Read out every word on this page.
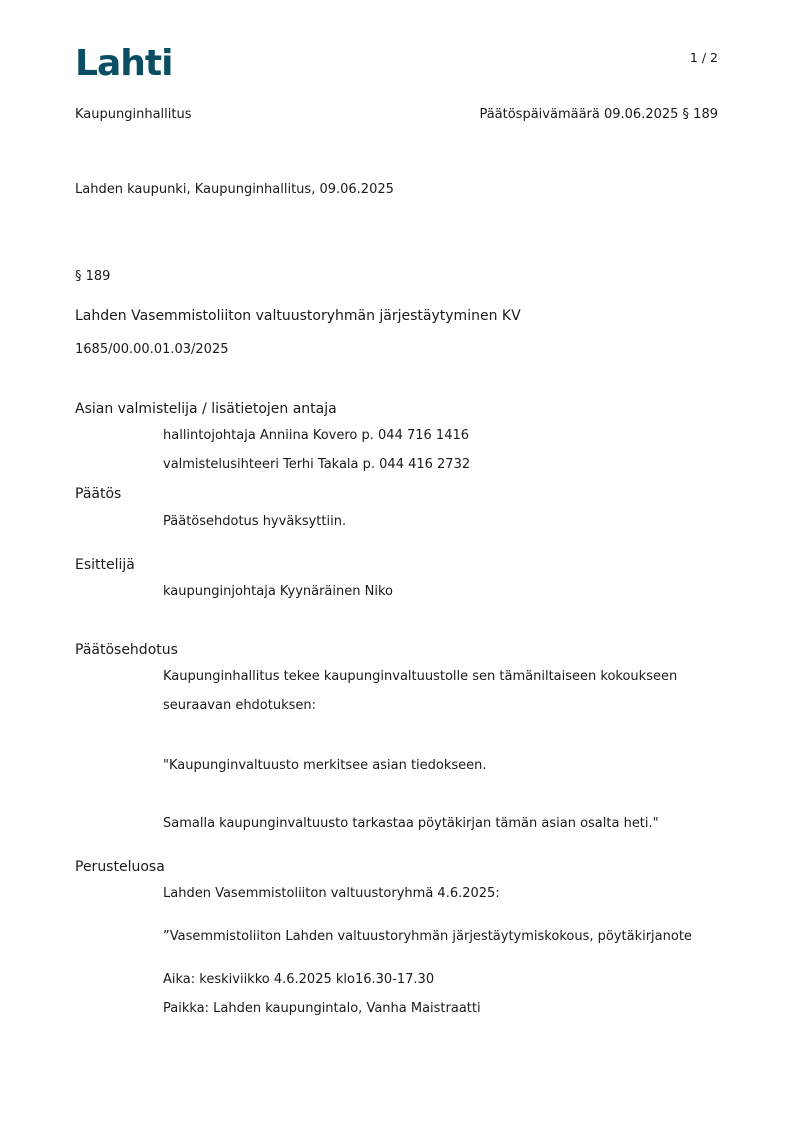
Lahti	1 / 2
Kaupunginhallitus	Päätöspäivämäärä 09.06.2025 § 189
Lahden kaupunki, Kaupunginhallitus, 09.06.2025
§ 189
Lahden Vasemmistoliiton valtuustoryhmän järjestäytyminen KV
1685/00.00.01.03/2025
Asian valmistelija / lisätietojen antaja
hallintojohtaja Anniina Kovero p. 044 716 1416
valmistelusihteeri Terhi Takala p. 044 416 2732
Päätös
Päätösehdotus hyväksyttiin.
Esittelijä
kaupunginjohtaja Kyynäräinen Niko
Päätösehdotus
Kaupunginhallitus tekee kaupunginvaltuustolle sen tämäniltaiseen kokoukseen
seuraavan ehdotuksen:
"Kaupunginvaltuusto merkitsee asian tiedokseen.
Samalla kaupunginvaltuusto tarkastaa pöytäkirjan tämän asian osalta heti."
Perusteluosa
Lahden Vasemmistoliiton valtuustoryhmä 4.6.2025:
”Vasemmistoliiton Lahden valtuustoryhmän järjestäytymiskokous, pöytäkirjanote
Aika: keskiviikko 4.6.2025 klo16.30-17.30
Paikka: Lahden kaupungintalo, Vanha Maistraatti
